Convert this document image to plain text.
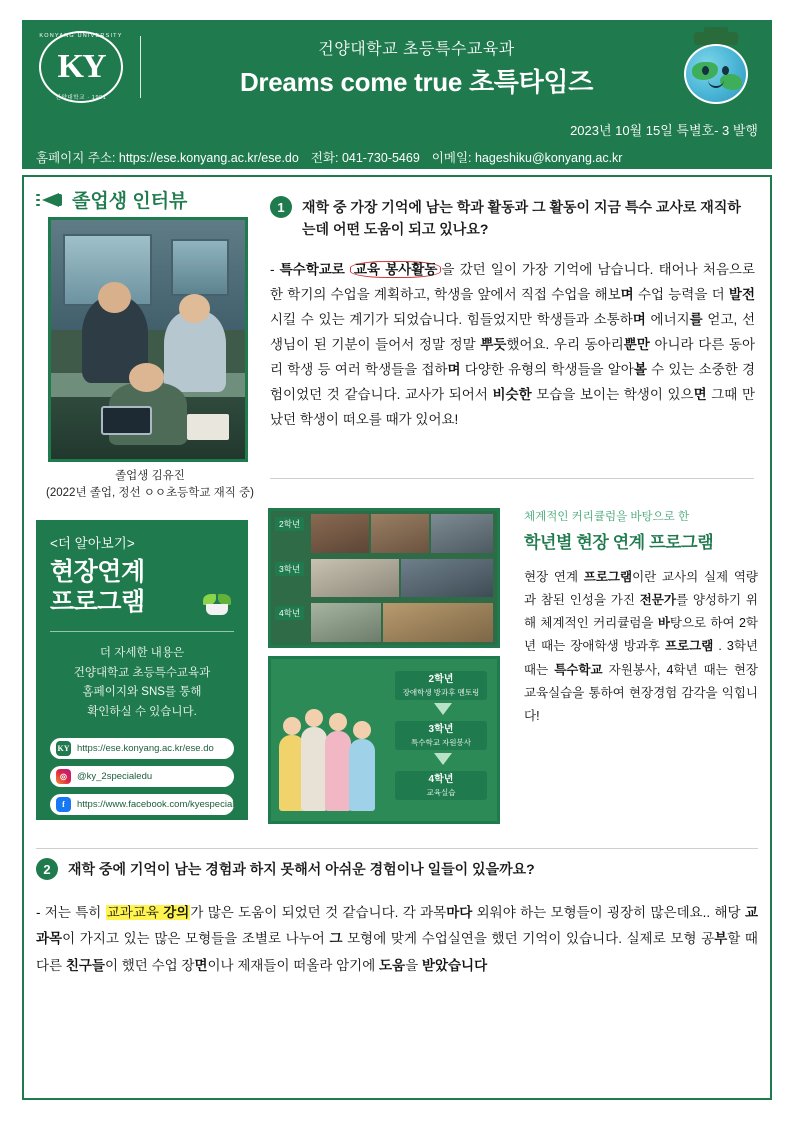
KONYANG UNIVERSITY
KY
건양대학교 · 1991
건양대학교 초등특수교육과
Dreams come true 초특타임즈
2023년 10월 15일 특별호- 3 발행
홈페이지 주소: https://ese.konyang.ac.kr/ese.do 전화: 041-730-5469 이메일: hageshiku@konyang.ac.kr
졸업생 인터뷰
졸업생 김유진
(2022년 졸업, 정선 ㅇㅇ초등학교 재직 중)
<더 알아보기>
현장연계
프로그램
더 자세한 내용은
건양대학교 초등특수교육과
홈페이지와 SNS를 통해
확인하실 수 있습니다.
KY https://ese.konyang.ac.kr/ese.do
◎	@ky_2specialedu
f	https://www.facebook.com/kyespecial
1	재학 중 가장 기억에 남는 학과 활동과 그 활동이 지금 특수 교사로 재직하는데 어떤 도움이 되고 있나요?
- 특수학교로 교육 봉사활동 을 갔던 일이 가장 기억에 남습니다. 태어나 처음으로 한 학기의 수업을 계획하고, 학생을 앞에서 직접 수업을 해보며 수업 능력을 더 발전시킬 수 있는 계기가 되었습니다. 힘들었지만 학생들과 소통하며 에너지를 얻고, 선생님이 된 기분이 들어서 정말 정말 뿌듯했어요. 우리 동아리뿐만 아니라 다른 동아리 학생 등 여러 학생들을 접하며 다양한 유형의 학생들을 알아볼 수 있는 소중한 경험이었던 것 같습니다. 교사가 되어서 비슷한 모습을 보이는 학생이 있으면 그때 만났던 학생이 떠오를 때가 있어요!
2학년
3학년
4학년
체계적인 커리큘럼을 바탕으로 한
학년별 현장 연계 프로그램
현장 연계 프로그램이란 교사의 실제 역량과 참된 인성을 가진 전문가를 양성하기 위해 체계적인 커리큘럼을 바탕으로 하여 2학년 때는 장애학생 방과후 프로그램 . 3학년 때는 특수학교 자원봉사, 4학년 때는 현장 교육실습을 통하여 현장경험 감각을 익힙니다!
2학년
장애학생 방과후 멘토링
3학년
특수학교 자원봉사
4학년
교육실습
2	재학 중에 기억이 남는 경험과 하지 못해서 아쉬운 경험이나 일들이 있을까요?
- 저는 특히 교과교육 강의가 많은 도움이 되었던 것 같습니다. 각 과목마다 외워야 하는 모형들이 굉장히 많은데요.. 해당 교과목이 가지고 있는 많은 모형들을 조별로 나누어 그 모형에 맞게 수업실연을 했던 기억이 있습니다. 실제로 모형 공부할 때 다른 친구들이 했던 수업 장면이나 제재들이 떠올라 암기에 도움을 받았습니다
